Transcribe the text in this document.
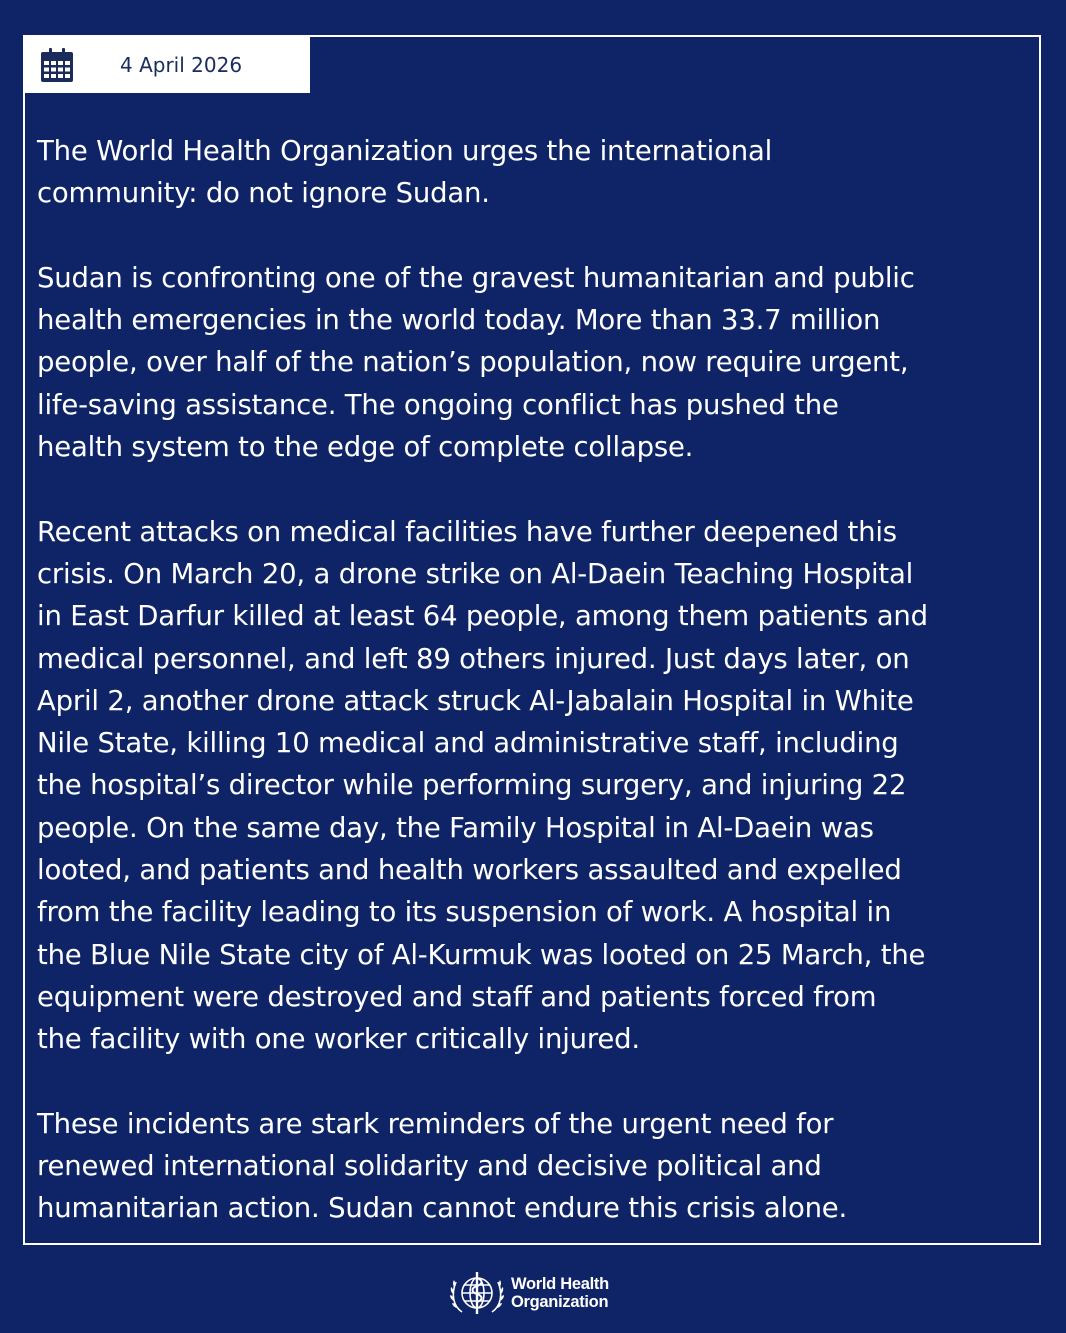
4 April 2026

The World Health Organization urges the international
community: do not ignore Sudan.

Sudan is confronting one of the gravest humanitarian and public
health emergencies in the world today. More than 33.7 million
people, over half of the nation’s population, now require urgent,
life-saving assistance. The ongoing conflict has pushed the
health system to the edge of complete collapse.

Recent attacks on medical facilities have further deepened this
crisis. On March 20, a drone strike on Al-Daein Teaching Hospital
in East Darfur killed at least 64 people, among them patients and
medical personnel, and left 89 others injured. Just days later, on
April 2, another drone attack struck Al-Jabalain Hospital in White
Nile State, killing 10 medical and administrative staff, including
the hospital’s director while performing surgery, and injuring 22
people. On the same day, the Family Hospital in Al-Daein was
looted, and patients and health workers assaulted and expelled
from the facility leading to its suspension of work. A hospital in
the Blue Nile State city of Al-Kurmuk was looted on 25 March, the
equipment were destroyed and staff and patients forced from
the facility with one worker critically injured.

These incidents are stark reminders of the urgent need for
renewed international solidarity and decisive political and
humanitarian action. Sudan cannot endure this crisis alone.

World Health
Organization
